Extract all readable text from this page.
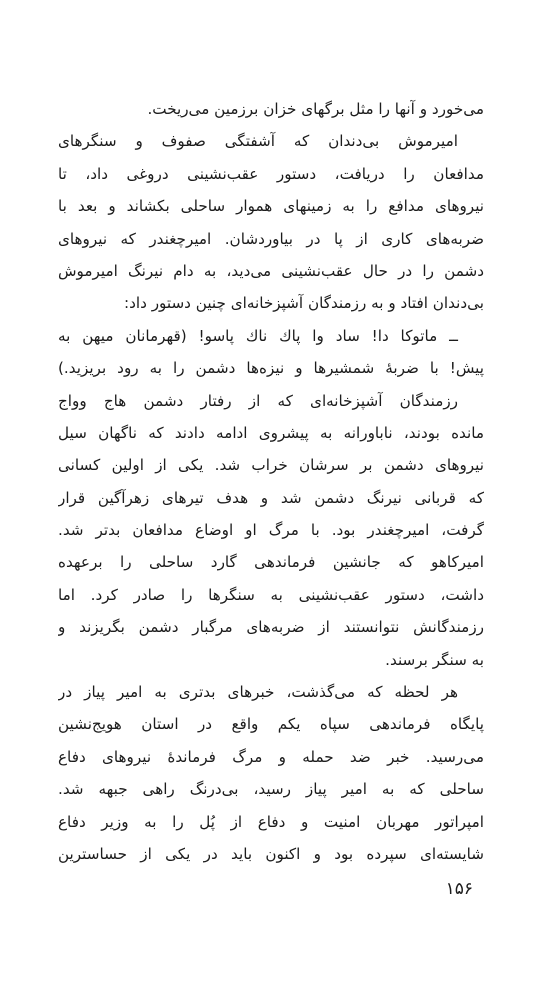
می‌خورد و آنها را مثل برگهای خزان برزمین می‌ریخت.
امیرموش بی‌دندان که آشفتگی صفوف و سنگرهای
مدافعان را دریافت، دستور عقب‌نشینی دروغی داد، تا
نیروهای مدافع را به زمینهای هموار ساحلی بکشاند و بعد با
ضربه‌های کاری از پا در بیاوردشان. امیرچغندر که نیروهای
دشمن را در حال عقب‌نشینی می‌دید، به دام نیرنگ امیرموش
بی‌دندان افتاد و به رزمندگان آشپزخانه‌ای چنین دستور داد:
ــ ماتوکا دا! ساد وا پاك ناك پاسو! (قهرمانان میهن به
پیش! با ضربهٔ شمشیرها و نیزه‌ها دشمن را به رود بریزید.)
رزمندگان آشپزخانه‌ای که از رفتار دشمن هاج وواج
مانده بودند، ناباورانه به پیشروی ادامه دادند که ناگهان سیل
نیروهای دشمن بر سرشان خراب شد. یکی از اولین کسانی
که قربانی نیرنگ دشمن شد و هدف تیرهای زهرآگین قرار
گرفت، امیرچغندر بود. با مرگ او اوضاع مدافعان بدتر شد.
امیرکاهو که جانشین فرماندهی گارد ساحلی را برعهده
داشت، دستور عقب‌نشینی به سنگرها را صادر کرد. اما
رزمندگانش نتوانستند از ضربه‌های مرگبار دشمن بگریزند و
به سنگر برسند.
هر لحظه که می‌گذشت، خبرهای بدتری به امیر پیاز در
پایگاه فرماندهی سپاه یکم واقع در استان هویج‌نشین
می‌رسید. خبر ضد حمله و مرگ فرماندهٔ نیروهای دفاع
ساحلی که به امیر پیاز رسید، بی‌درنگ راهی جبهه شد.
امپراتور مهربان امنیت و دفاع از پُل را به وزیر دفاع
شایسته‌ای سپرده بود و اکنون باید در یکی از حساسترین
۱۵۶
